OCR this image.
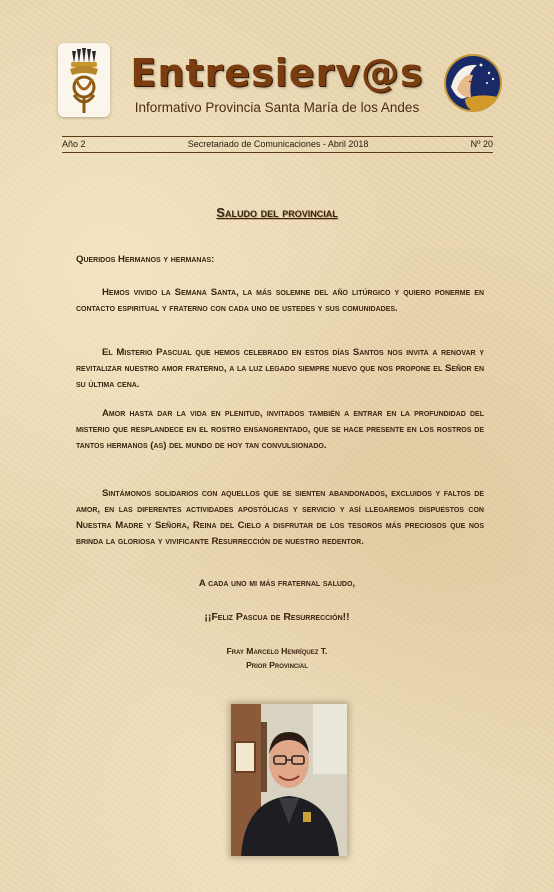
Entresierv@s
Informativo Provincia Santa María de los Andes
Año 2	Secretariado de Comunicaciones - Abril 2018	Nº 20
Saludo del provincial
Queridos Hermanos y hermanas:
Hemos vivido la Semana Santa, la más solemne del año litúrgico y quiero ponerme en contacto espiritual y fraterno con cada uno de ustedes y sus comunidades.
El Misterio Pascual que hemos celebrado en estos días Santos nos invita a renovar y revitalizar nuestro amor fraterno, a la luz legado siempre nuevo que nos propone el Señor en su última cena.
Amor hasta dar la vida en plenitud, invitados también a entrar en la profundidad del misterio que resplandece en el rostro ensangrentado, que se hace presente en los rostros de tantos hermanos (as) del mundo de hoy tan convulsionado.
Sintámonos solidarios con aquellos que se sienten abandonados, excluidos y faltos de amor, en las diferentes actividades apostólicas y servicio y así llegaremos dispuestos con Nuestra Madre y Señora, Reina del Cielo a disfrutar de los tesoros más preciosos que nos brinda la gloriosa y vivificante Resurrección de nuestro redentor.
A cada uno mi más fraternal saludo,
¡¡Feliz Pascua de Resurrección!!
Fray Marcelo Henríquez T.
Prior Provincial
